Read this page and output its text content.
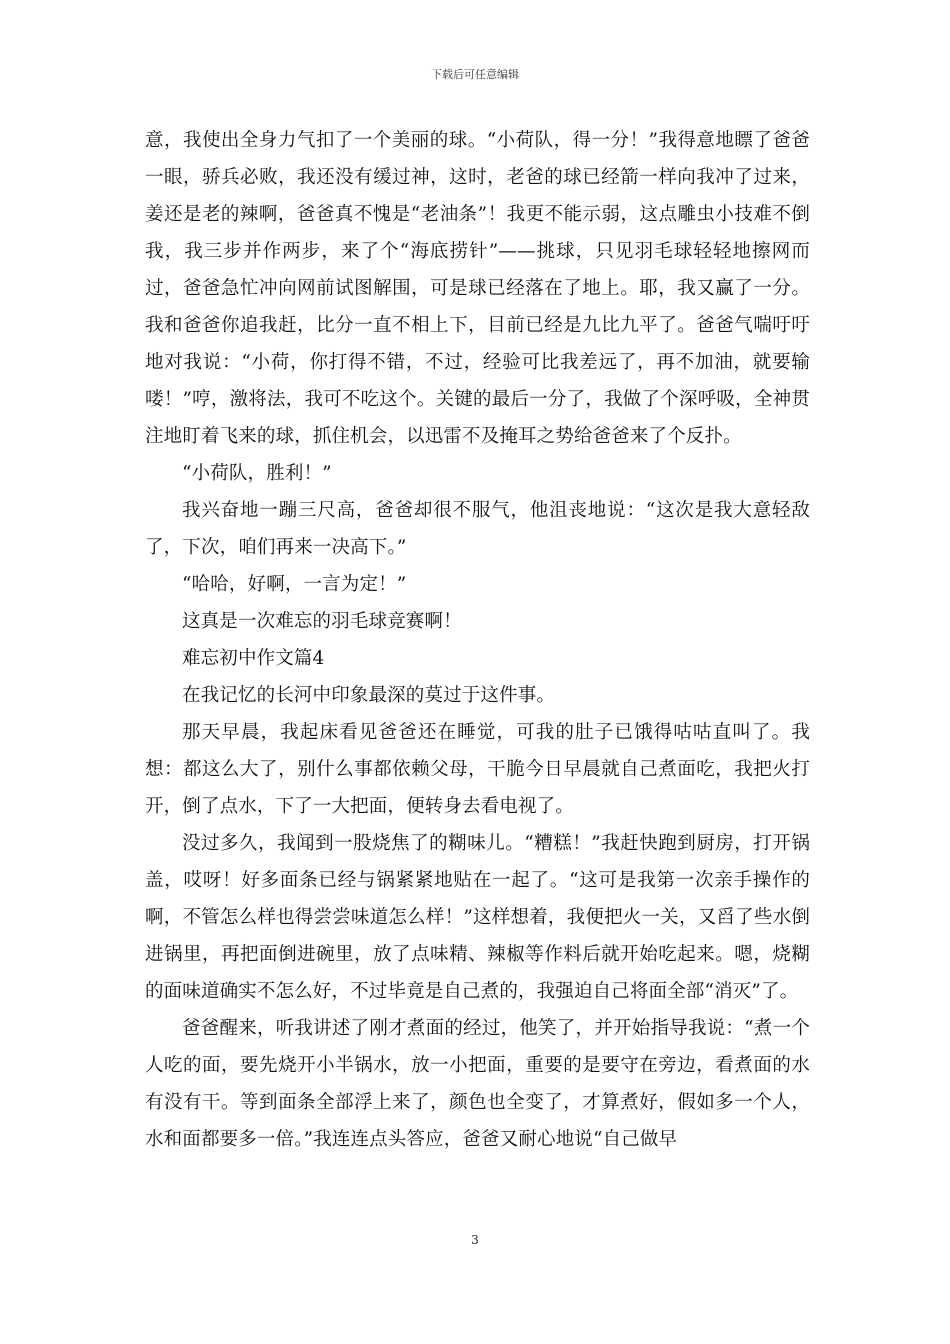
下载后可任意编辑

意，我使出全身力气扣了一个美丽的球。“小荷队，得一分！”我得意地瞟了爸爸一眼，骄兵必败，我还没有缓过神，这时，老爸的球已经箭一样向我冲了过来，姜还是老的辣啊，爸爸真不愧是“老油条”！我更不能示弱，这点雕虫小技难不倒我，我三步并作两步，来了个“海底捞针”——挑球，只见羽毛球轻轻地擦网而过，爸爸急忙冲向网前试图解围，可是球已经落在了地上。耶，我又赢了一分。我和爸爸你追我赶，比分一直不相上下，目前已经是九比九平了。爸爸气喘吁吁地对我说：“小荷，你打得不错，不过，经验可比我差远了，再不加油，就要输喽！”哼，激将法，我可不吃这个。关键的最后一分了，我做了个深呼吸，全神贯注地盯着飞来的球，抓住机会，以迅雷不及掩耳之势给爸爸来了个反扑。

“小荷队，胜利！”

我兴奋地一蹦三尺高，爸爸却很不服气，他沮丧地说：“这次是我大意轻敌了，下次，咱们再来一决高下。”

“哈哈，好啊，一言为定！”

这真是一次难忘的羽毛球竞赛啊！

难忘初中作文篇4

在我记忆的长河中印象最深的莫过于这件事。

那天早晨，我起床看见爸爸还在睡觉，可我的肚子已饿得咕咕直叫了。我想：都这么大了，别什么事都依赖父母，干脆今日早晨就自己煮面吃，我把火打开，倒了点水，下了一大把面，便转身去看电视了。

没过多久，我闻到一股烧焦了的糊味儿。“糟糕！”我赶快跑到厨房，打开锅盖，哎呀！好多面条已经与锅紧紧地贴在一起了。“这可是我第一次亲手操作的啊，不管怎么样也得尝尝味道怎么样！”这样想着，我便把火一关，又舀了些水倒进锅里，再把面倒进碗里，放了点味精、辣椒等作料后就开始吃起来。嗯，烧糊的面味道确实不怎么好，不过毕竟是自己煮的，我强迫自己将面全部“消灭”了。

爸爸醒来，听我讲述了刚才煮面的经过，他笑了，并开始指导我说：“煮一个人吃的面，要先烧开小半锅水，放一小把面，重要的是要守在旁边，看煮面的水有没有干。等到面条全部浮上来了，颜色也全变了，才算煮好，假如多一个人，水和面都要多一倍。”我连连点头答应，爸爸又耐心地说“自己做早

3
